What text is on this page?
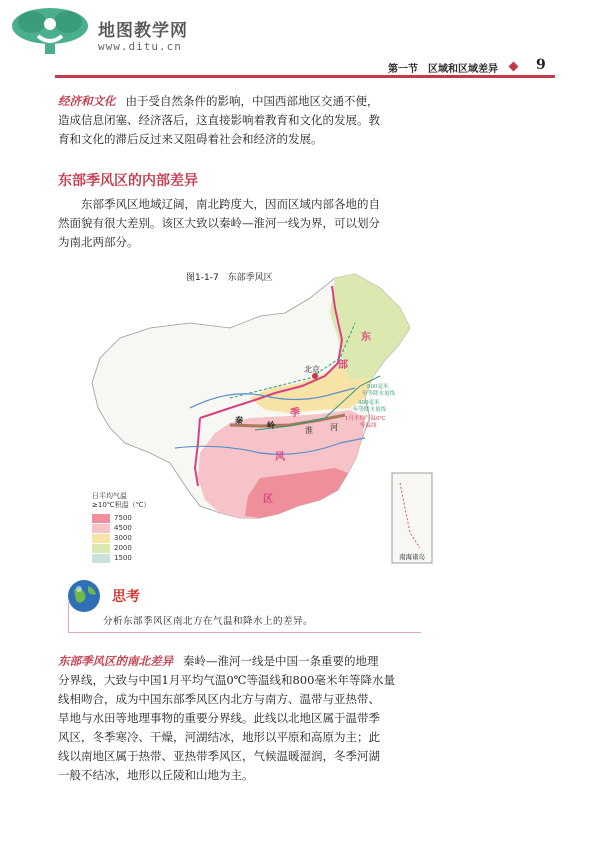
地图教学网
www.ditu.cn
第一节　区域和区域差异	9
经济和文化 由于受自然条件的影响，中国西部地区交通不便，
造成信息闭塞、经济落后，这直接影响着教育和文化的发展。教
育和文化的滞后反过来又阻碍着社会和经济的发展。
东部季风区的内部差异
东部季风区地域辽阔，南北跨度大，因而区域内部各地的自
然面貌有很大差别。该区大致以秦岭—淮河一线为界，可以划分
为南北两部分。
图1-1-7　东部季风区
北京
东
部
季
风
区
秦	岭
淮 河
800毫米
年等降水量线
400毫米
年等降水量线
1月平均气温0℃
等温线
日平均气温
≥10℃积温（℃）
7500
4500
3000
2000
1500	南海诸岛
思考
分析东部季风区南北方在气温和降水上的差异。
东部季风区的南北差异 秦岭—淮河一线是中国一条重要的地理
分界线，大致与中国1月平均气温0℃等温线和800毫米年等降水量
线相吻合，成为中国东部季风区内北方与南方、温带与亚热带、
旱地与水田等地理事物的重要分界线。此线以北地区属于温带季
风区，冬季寒冷、干燥，河湖结冰，地形以平原和高原为主；此
线以南地区属于热带、亚热带季风区，气候温暖湿润，冬季河湖
一般不结冰，地形以丘陵和山地为主。
